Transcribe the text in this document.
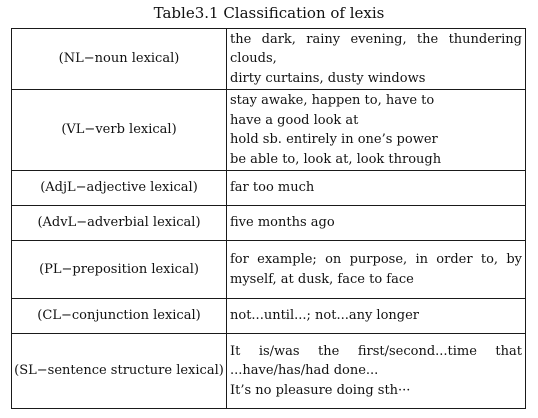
Table3.1 Classification of lexis
(NL−noun lexical)	the dark, rainy evening, the thundering clouds,
dirty curtains, dusty windows

(VL−verb lexical)	stay awake, happen to, have to
have a good look at
hold sb. entirely in one’s power
be able to, look at, look through

(AdjL−adjective lexical)	far too much

(AdvL−adverbial lexical)	five months ago

(PL−preposition lexical)	for example; on purpose, in order to, by myself, at dusk, face to face

(CL−conjunction lexical)	not...until...; not...any longer

(SL−sentence structure lexical)	It is/was the first/second...time that ...have/has/had done...
It’s no pleasure doing sth···
